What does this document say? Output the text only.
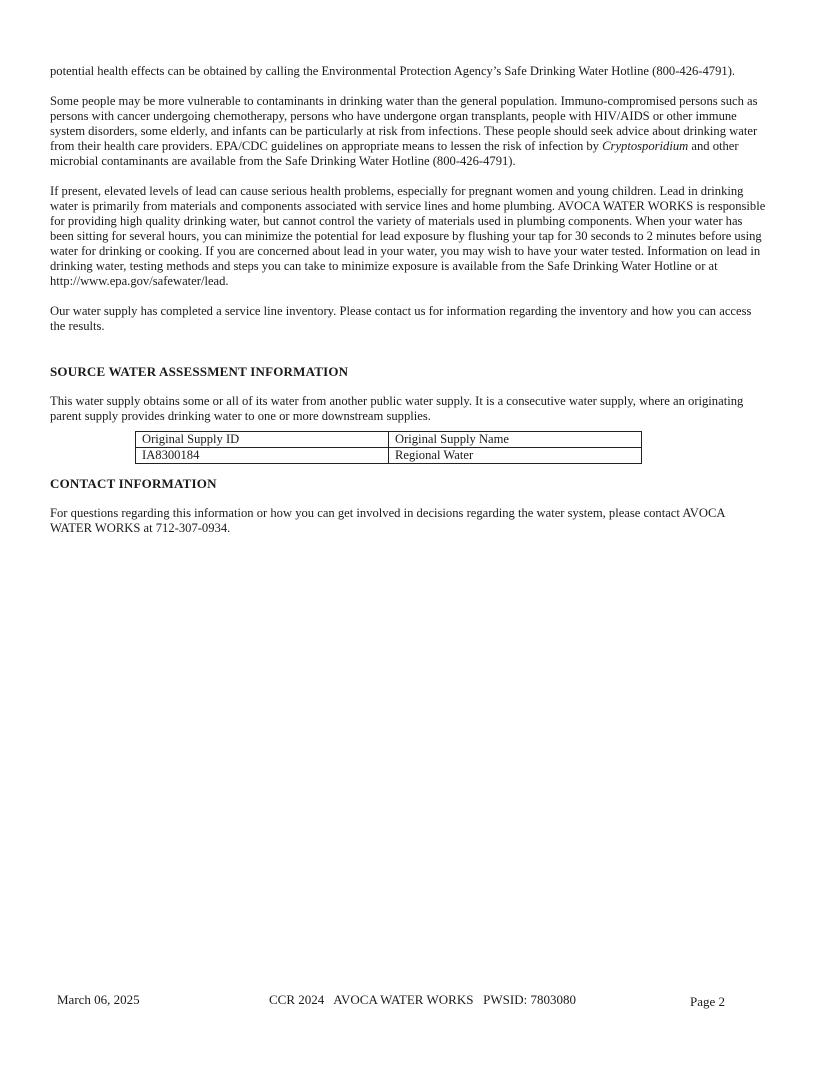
potential health effects can be obtained by calling the Environmental Protection Agency’s Safe Drinking Water Hotline (800-426-4791).

Some people may be more vulnerable to contaminants in drinking water than the general population. Immuno-compromised persons such as persons with cancer undergoing chemotherapy, persons who have undergone organ transplants, people with HIV/AIDS or other immune system disorders, some elderly, and infants can be particularly at risk from infections. These people should seek advice about drinking water from their health care providers. EPA/CDC guidelines on appropriate means to lessen the risk of infection by Cryptosporidium and other microbial contaminants are available from the Safe Drinking Water Hotline (800-426-4791).

If present, elevated levels of lead can cause serious health problems, especially for pregnant women and young children. Lead in drinking water is primarily from materials and components associated with service lines and home plumbing. AVOCA WATER WORKS is responsible for providing high quality drinking water, but cannot control the variety of materials used in plumbing components. When your water has been sitting for several hours, you can minimize the potential for lead exposure by flushing your tap for 30 seconds to 2 minutes before using water for drinking or cooking. If you are concerned about lead in your water, you may wish to have your water tested. Information on lead in drinking water, testing methods and steps you can take to minimize exposure is available from the Safe Drinking Water Hotline or at http://www.epa.gov/safewater/lead.

Our water supply has completed a service line inventory. Please contact us for information regarding the inventory and how you can access the results.

SOURCE WATER ASSESSMENT INFORMATION

This water supply obtains some or all of its water from another public water supply. It is a consecutive water supply, where an originating parent supply provides drinking water to one or more downstream supplies.

Original Supply ID	Original Supply Name
IA8300184	Regional Water
CONTACT INFORMATION

For questions regarding this information or how you can get involved in decisions regarding the water system, please contact AVOCA WATER WORKS at 712-307-0934.

March 06, 2025	CCR 2024   AVOCA WATER WORKS   PWSID: 7803080	Page 2
